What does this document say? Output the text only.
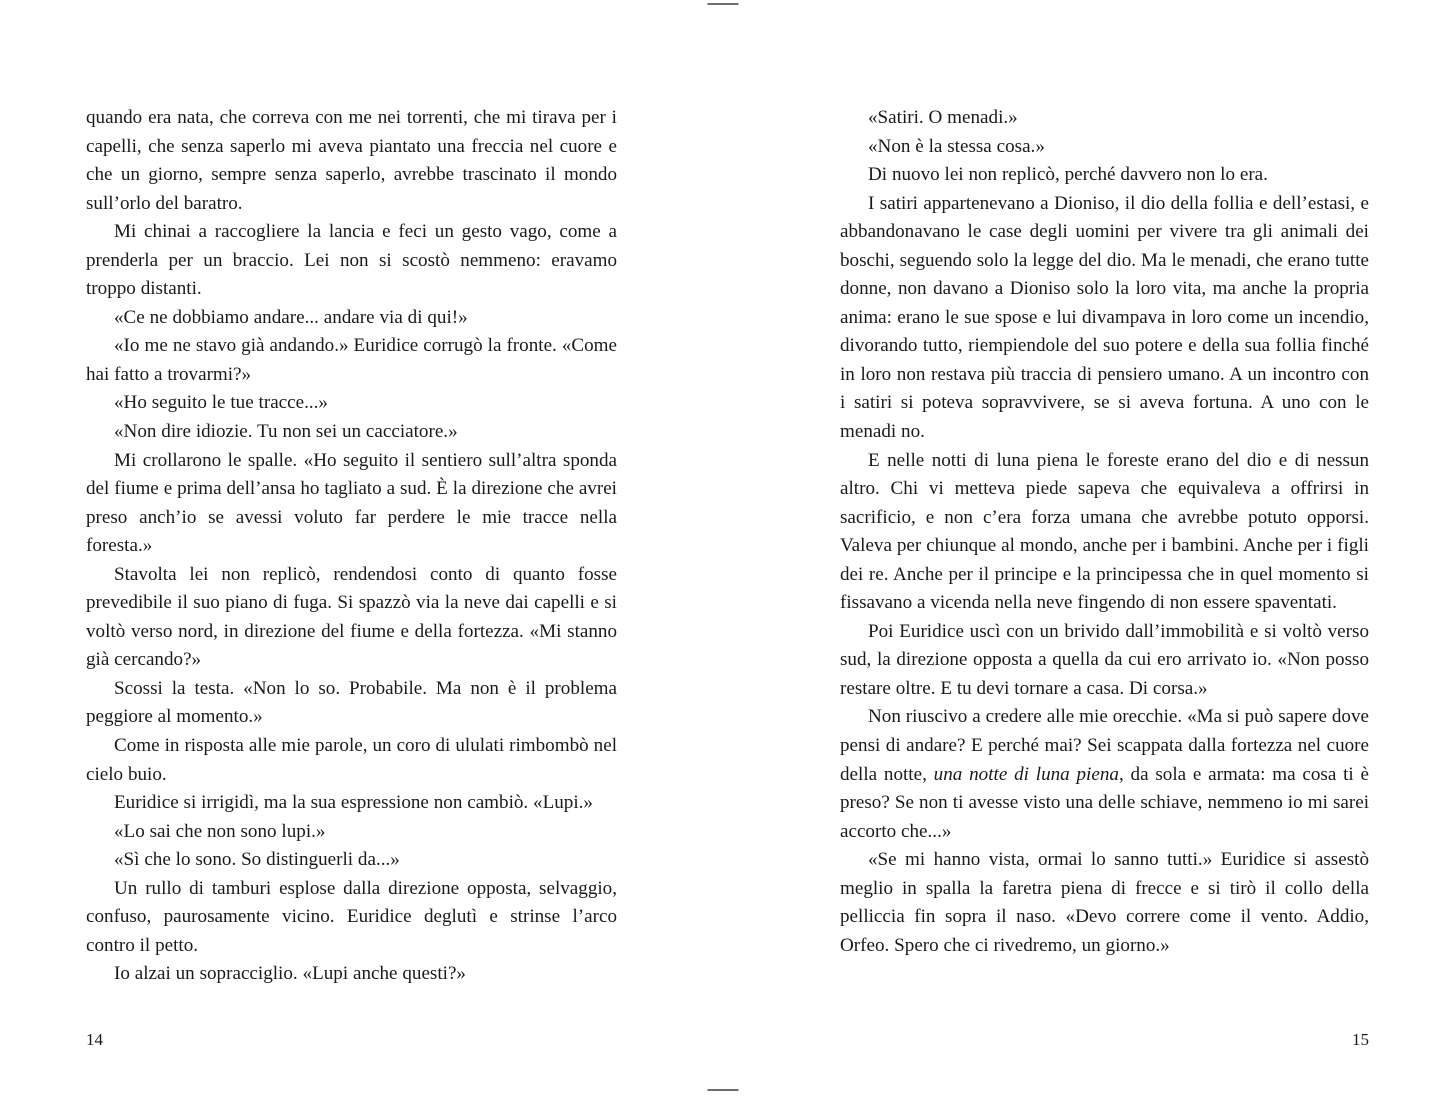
quando era nata, che correva con me nei torrenti, che mi tirava per i capelli, che senza saperlo mi aveva piantato una freccia nel cuore e che un giorno, sempre senza saperlo, avrebbe trascinato il mondo sull’orlo del baratro.

Mi chinai a raccogliere la lancia e feci un gesto vago, come a prenderla per un braccio. Lei non si scostò nemmeno: eravamo troppo distanti.

«Ce ne dobbiamo andare... andare via di qui!»

«Io me ne stavo già andando.» Euridice corrugò la fronte. «Come hai fatto a trovarmi?»

«Ho seguito le tue tracce...»

«Non dire idiozie. Tu non sei un cacciatore.»

Mi crollarono le spalle. «Ho seguito il sentiero sull’altra sponda del fiume e prima dell’ansa ho tagliato a sud. È la direzione che avrei preso anch’io se avessi voluto far perdere le mie tracce nella foresta.»

Stavolta lei non replicò, rendendosi conto di quanto fosse prevedibile il suo piano di fuga. Si spazzò via la neve dai capelli e si voltò verso nord, in direzione del fiume e della fortezza. «Mi stanno già cercando?»

Scossi la testa. «Non lo so. Probabile. Ma non è il problema peggiore al momento.»

Come in risposta alle mie parole, un coro di ululati rimbombò nel cielo buio.

Euridice si irrigidì, ma la sua espressione non cambiò. «Lupi.»

«Lo sai che non sono lupi.»

«Sì che lo sono. So distinguerli da...»

Un rullo di tamburi esplose dalla direzione opposta, selvaggio, confuso, paurosamente vicino. Euridice deglutì e strinse l’arco contro il petto.

Io alzai un sopracciglio. «Lupi anche questi?»

14

«Satiri. O menadi.»

«Non è la stessa cosa.»

Di nuovo lei non replicò, perché davvero non lo era.

I satiri appartenevano a Dioniso, il dio della follia e dell’estasi, e abbandonavano le case degli uomini per vivere tra gli animali dei boschi, seguendo solo la legge del dio. Ma le menadi, che erano tutte donne, non davano a Dioniso solo la loro vita, ma anche la propria anima: erano le sue spose e lui divampava in loro come un incendio, divorando tutto, riempiendole del suo potere e della sua follia finché in loro non restava più traccia di pensiero umano. A un incontro con i satiri si poteva sopravvivere, se si aveva fortuna. A uno con le menadi no.

E nelle notti di luna piena le foreste erano del dio e di nessun altro. Chi vi metteva piede sapeva che equivaleva a offrirsi in sacrificio, e non c’era forza umana che avrebbe potuto opporsi. Valeva per chiunque al mondo, anche per i bambini. Anche per i figli dei re. Anche per il principe e la principessa che in quel momento si fissavano a vicenda nella neve fingendo di non essere spaventati.

Poi Euridice uscì con un brivido dall’immobilità e si voltò verso sud, la direzione opposta a quella da cui ero arrivato io. «Non posso restare oltre. E tu devi tornare a casa. Di corsa.»

Non riuscivo a credere alle mie orecchie. «Ma si può sapere dove pensi di andare? E perché mai? Sei scappata dalla fortezza nel cuore della notte, una notte di luna piena, da sola e armata: ma cosa ti è preso? Se non ti avesse visto una delle schiave, nemmeno io mi sarei accorto che...»

«Se mi hanno vista, ormai lo sanno tutti.» Euridice si assestò meglio in spalla la faretra piena di frecce e si tirò il collo della pelliccia fin sopra il naso. «Devo correre come il vento. Addio, Orfeo. Spero che ci rivedremo, un giorno.»

15
